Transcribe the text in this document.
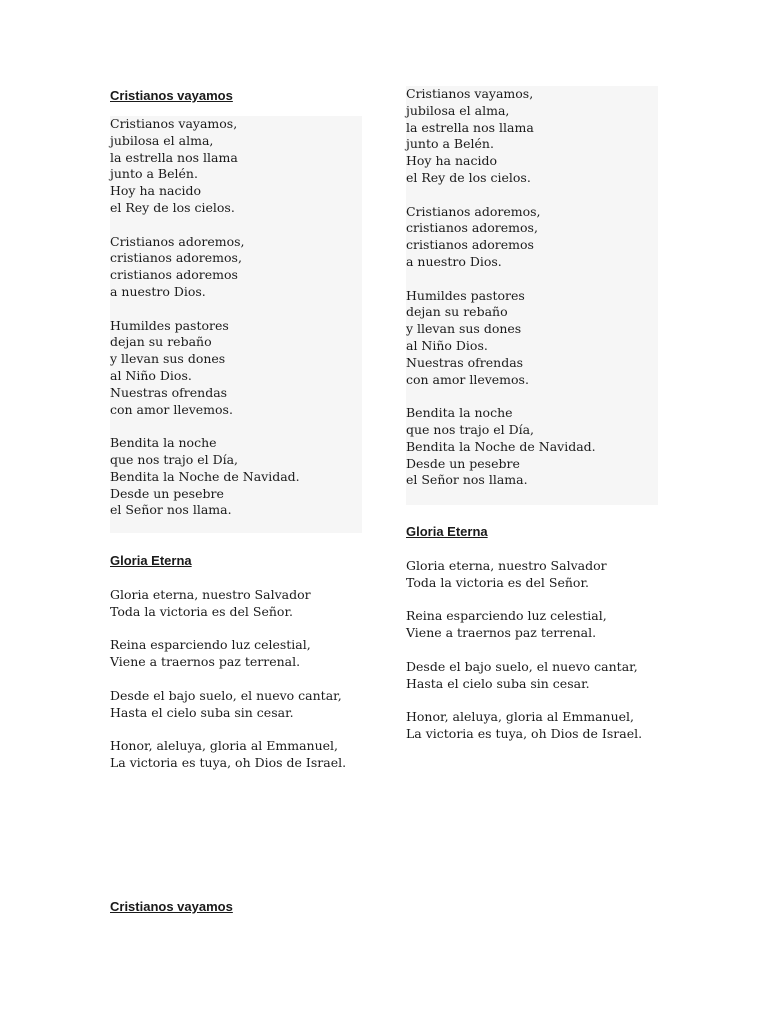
Cristianos vayamos
Cristianos vayamos,
jubilosa el alma,
la estrella nos llama
junto a Belén.
Hoy ha nacido
el Rey de los cielos.
Cristianos adoremos,
cristianos adoremos,
cristianos adoremos
a nuestro Dios.
Humildes pastores
dejan su rebaño
y llevan sus dones
al Niño Dios.
Nuestras ofrendas
con amor llevemos.
Bendita la noche
que nos trajo el Día,
Bendita la Noche de Navidad.
Desde un pesebre
el Señor nos llama.
Gloria Eterna
Gloria eterna, nuestro Salvador
Toda la victoria es del Señor.
Reina esparciendo luz celestial,
Viene a traernos paz terrenal.
Desde el bajo suelo, el nuevo cantar,
Hasta el cielo suba sin cesar.
Honor, aleluya, gloria al Emmanuel,
La victoria es tuya, oh Dios de Israel.
Cristianos vayamos
Cristianos vayamos,
jubilosa el alma,
la estrella nos llama
junto a Belén.
Hoy ha nacido
el Rey de los cielos.
Cristianos adoremos,
cristianos adoremos,
cristianos adoremos
a nuestro Dios.
Humildes pastores
dejan su rebaño
y llevan sus dones
al Niño Dios.
Nuestras ofrendas
con amor llevemos.
Bendita la noche
que nos trajo el Día,
Bendita la Noche de Navidad.
Desde un pesebre
el Señor nos llama.
Gloria Eterna
Gloria eterna, nuestro Salvador
Toda la victoria es del Señor.
Reina esparciendo luz celestial,
Viene a traernos paz terrenal.
Desde el bajo suelo, el nuevo cantar,
Hasta el cielo suba sin cesar.
Honor, aleluya, gloria al Emmanuel,
La victoria es tuya, oh Dios de Israel.
